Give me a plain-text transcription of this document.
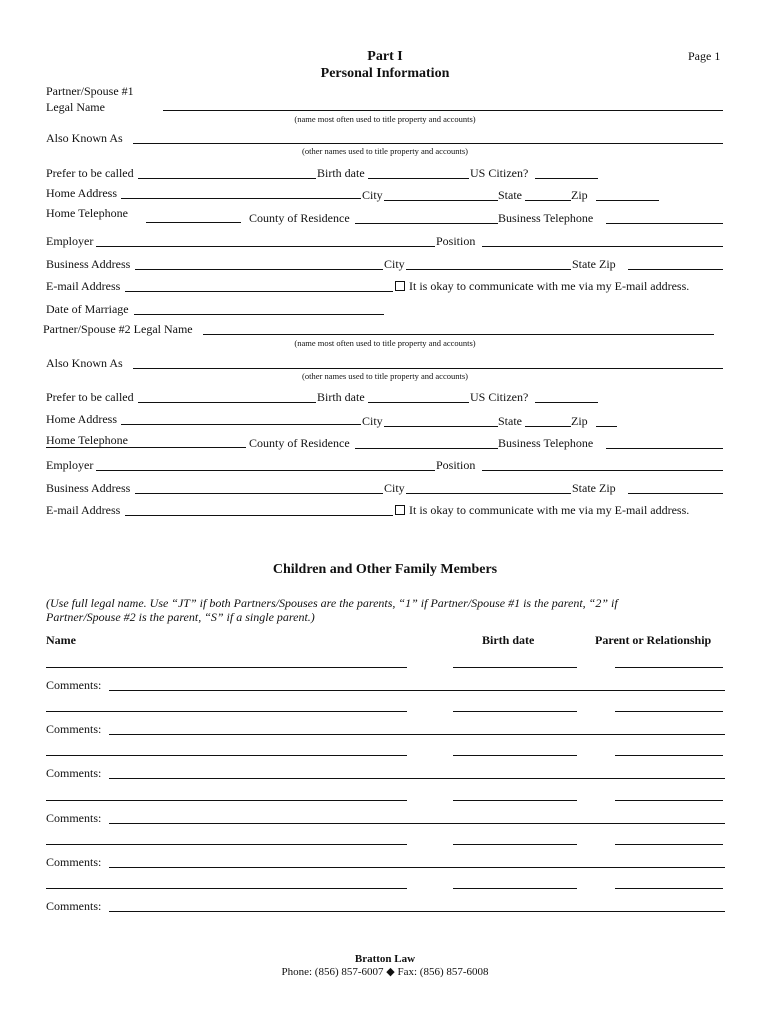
Part I
Personal Information
Page 1
Partner/Spouse #1
Legal Name
(name most often used to title property and accounts)
Also Known As
(other names used to title property and accounts)
Prefer to be called	Birth date	US Citizen?
Home Address	City	State	Zip
Home Telephone	County of Residence	Business Telephone
Employer	Position
Business Address	City	State Zip
E-mail Address	It is okay to communicate with me via my E-mail address.
Date of Marriage
Partner/Spouse #2 Legal Name
(name most often used to title property and accounts)
Also Known As
(other names used to title property and accounts)
Prefer to be called	Birth date	US Citizen?
Home Address	City	State	Zip
Home Telephone	County of Residence	Business Telephone
Employer	Position
Business Address	City	State Zip
E-mail Address	It is okay to communicate with me via my E-mail address.
Children and Other Family Members
(Use full legal name. Use “JT” if both Partners/Spouses are the parents, “1” if Partner/Spouse #1 is the parent, “2” if
Partner/Spouse #2 is the parent, “S” if a single parent.)
Name	Birth date	Parent or Relationship
Comments:
Comments:
Comments:
Comments:
Comments:
Comments:
Bratton Law
Phone: (856) 857-6007 ◆ Fax: (856) 857-6008
